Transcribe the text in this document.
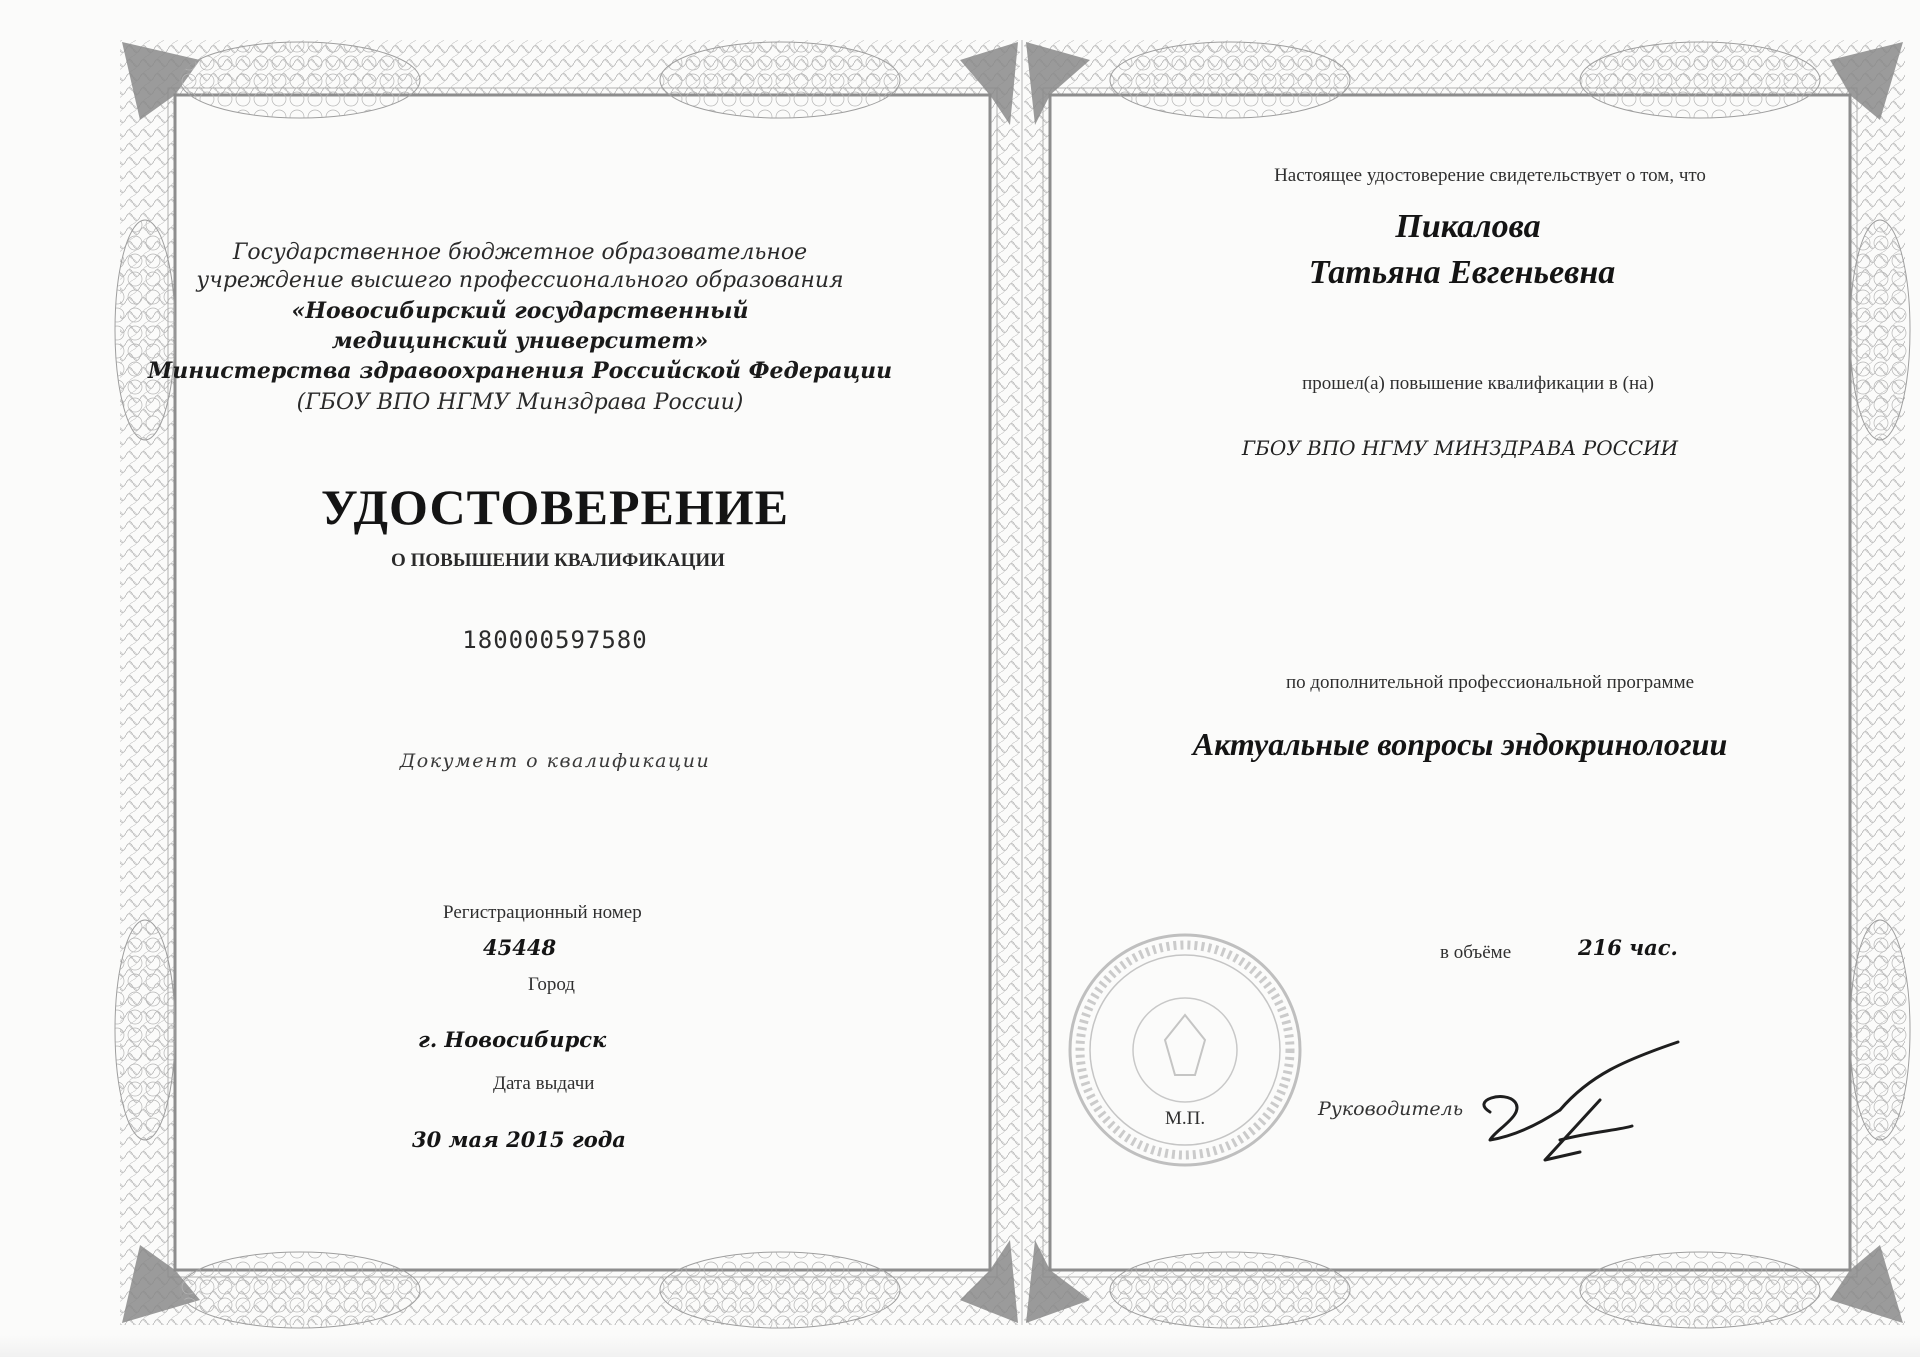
Государственное бюджетное образовательное
учреждение высшего профессионального образования
«Новосибирский государственный
медицинский университет»
Министерства здравоохранения Российской Федерации
(ГБОУ ВПО НГМУ Минздрава России)
УДОСТОВЕРЕНИЕ
О ПОВЫШЕНИИ КВАЛИФИКАЦИИ
180000597580
Документ о квалификации
Регистрационный номер
45448
Город
г. Новосибирск
Дата выдачи
30 мая 2015 года
Настоящее удостоверение свидетельствует о том, что
Пикалова
Татьяна Евгеньевна
прошел(а) повышение квалификации в (на)
ГБОУ ВПО НГМУ МИНЗДРАВА РОССИИ
по дополнительной профессиональной программе
Актуальные вопросы эндокринологии
в объёме	216 час.
М.П.	Руководитель
